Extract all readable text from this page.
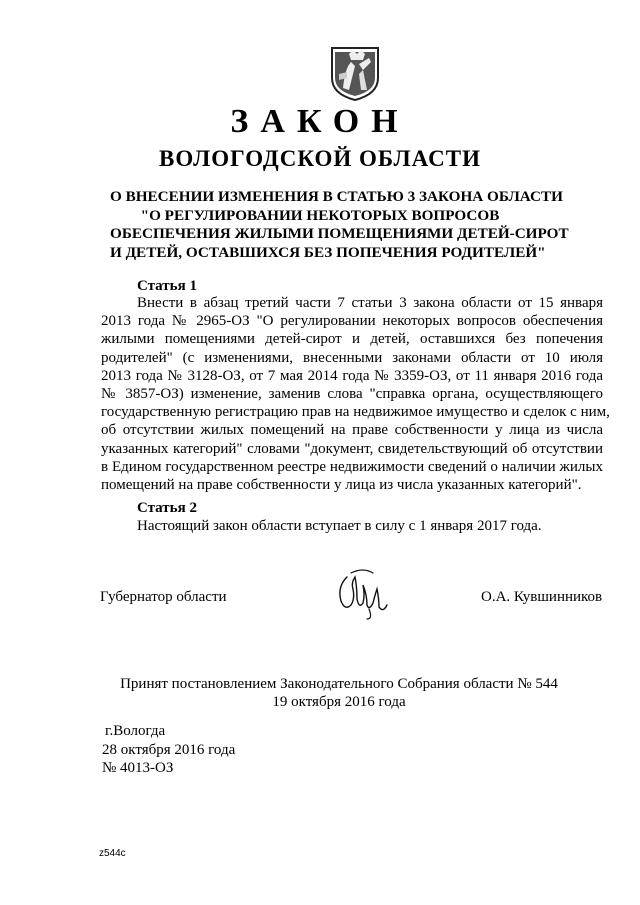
ЗАКОН
ВОЛОГОДСКОЙ ОБЛАСТИ
О ВНЕСЕНИИ ИЗМЕНЕНИЯ В СТАТЬЮ 3 ЗАКОНА ОБЛАСТИ
"О РЕГУЛИРОВАНИИ НЕКОТОРЫХ ВОПРОСОВ
ОБЕСПЕЧЕНИЯ ЖИЛЫМИ ПОМЕЩЕНИЯМИ ДЕТЕЙ-СИРОТ
И ДЕТЕЙ, ОСТАВШИХСЯ БЕЗ ПОПЕЧЕНИЯ РОДИТЕЛЕЙ"
Статья 1
Внести в абзац третий части 7 статьи 3 закона области от 15 января
2013 года № 2965-ОЗ "О регулировании некоторых вопросов обеспечения
жилыми помещениями детей-сирот и детей, оставшихся без попечения
родителей" (с изменениями, внесенными законами области от 10 июля
2013 года № 3128-ОЗ, от 7 мая 2014 года № 3359-ОЗ, от 11 января 2016 года
№ 3857-ОЗ) изменение, заменив слова "справка органа, осуществляющего
государственную регистрацию прав на недвижимое имущество и сделок с ним,
об отсутствии жилых помещений на праве собственности у лица из числа
указанных категорий" словами "документ, свидетельствующий об отсутствии
в Едином государственном реестре недвижимости сведений о наличии жилых
помещений на праве собственности у лица из числа указанных категорий".
Статья 2
Настоящий закон области вступает в силу с 1 января 2017 года.
Губернатор области	О.А. Кувшинников
Принят постановлением Законодательного Собрания области № 544
19 октября 2016 года
г.Вологда
28 октября 2016 года
№ 4013-ОЗ
z544c
